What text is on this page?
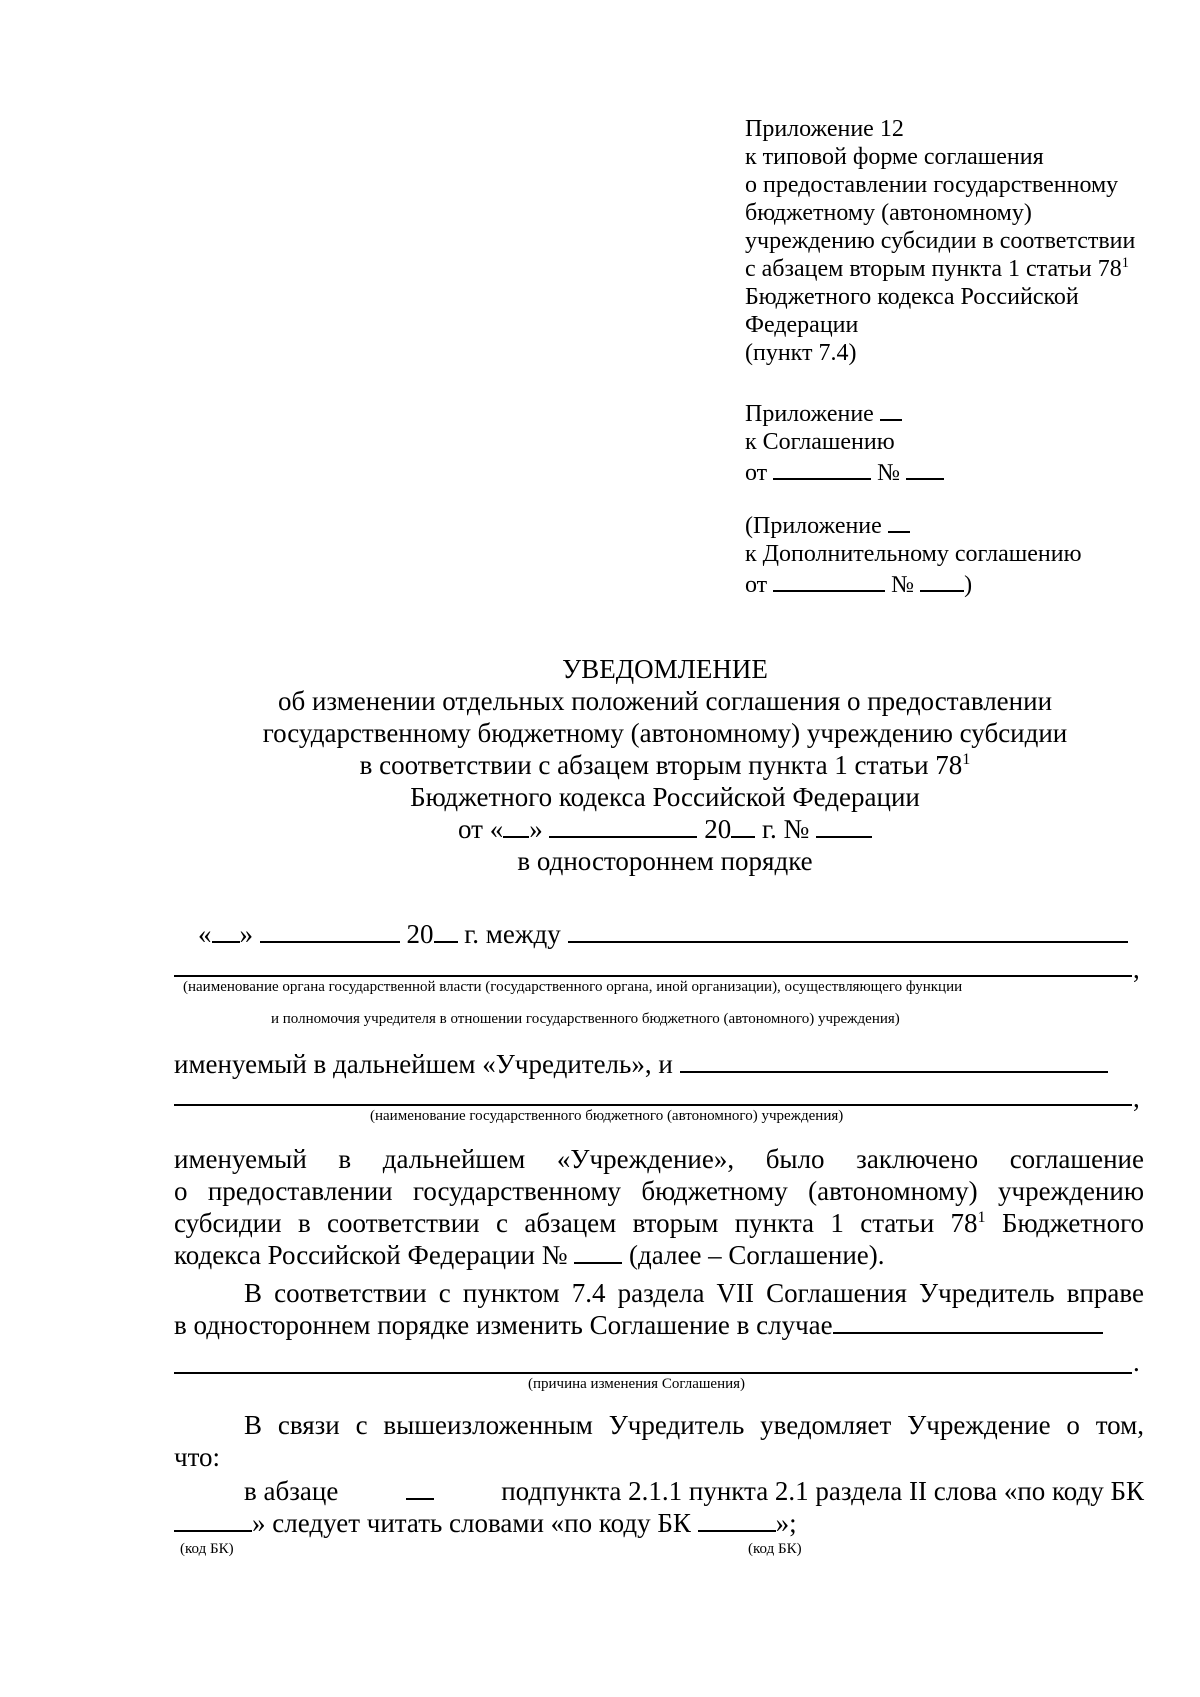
Приложение 12
к типовой форме соглашения
о предоставлении государственному
бюджетному (автономному)
учреждению субсидии в соответствии
с абзацем вторым пункта 1 статьи $78^1$
Бюджетного кодекса Российской
Федерации
(пункт 7.4)
Приложение
к Соглашению
от	№
(Приложение
к Дополнительному соглашению
от	№ )
УВЕДОМЛЕНИЕ
об изменении отдельных положений соглашения о предоставлении
государственному бюджетному (автономному) учреждению субсидии
в соответствии с абзацем вторым пункта 1 статьи $78^1$
Бюджетного кодекса Российской Федерации
от « »	20 г. №
в одностороннем порядке
« »	20 г. между
,
(наименование органа государственной власти (государственного органа, иной организации), осуществляющего функции
и полномочия учредителя в отношении государственного бюджетного (автономного) учреждения)
именуемый в дальнейшем «Учредитель», и
,
(наименование государственного бюджетного (автономного) учреждения)
именуемый в дальнейшем «Учреждение», было заключено соглашение
о предоставлении государственному бюджетному (автономному) учреждению
субсидии в соответствии с абзацем вторым пункта 1 статьи $78^1$ Бюджетного
кодекса Российской Федерации № (далее – Соглашение).
В соответствии с пунктом 7.4 раздела VII Соглашения Учредитель вправе
в одностороннем порядке изменить Соглашение в случае
.
(причина изменения Соглашения)
В связи с вышеизложенным Учредитель уведомляет Учреждение о том,
что:
в абзаце	подпункта 2.1.1 пункта 2.1 раздела II слова «по коду БК
» следует читать словами «по коду БК	»;
(код БК)	(код БК)
